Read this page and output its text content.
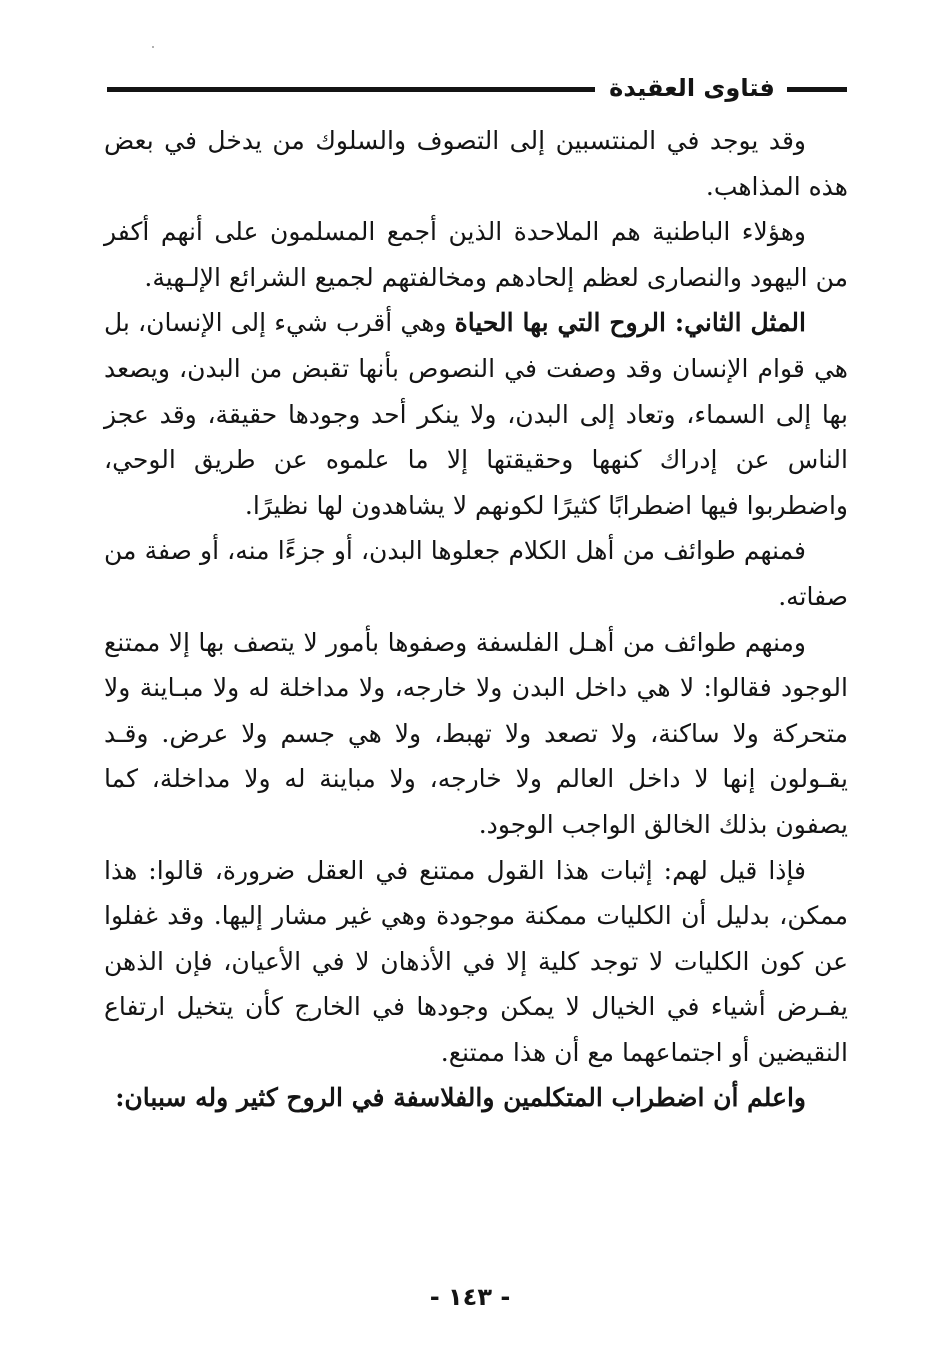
فتاوى العقيدة

وقد يوجد في المنتسبين إلى التصوف والسلوك من يدخل في بعض هذه المذاهب.

وهؤلاء الباطنية هم الملاحدة الذين أجمع المسلمون على أنهم أكفر من اليهود والنصارى لعظم إلحادهم ومخالفتهم لجميع الشرائع الإلـهية.

المثل الثاني: الروح التي بها الحياة وهي أقرب شيء إلى الإنسان، بل هي قوام الإنسان وقد وصفت في النصوص بأنها تقبض من البدن، ويصعد بها إلى السماء، وتعاد إلى البدن، ولا ينكر أحد وجودها حقيقة، وقد عجز الناس عن إدراك كنهها وحقيقتها إلا ما علموه عن طريق الوحي، واضطربوا فيها اضطرابًا كثيرًا لكونهم لا يشاهدون لها نظيرًا.

فمنهم طوائف من أهل الكلام جعلوها البدن، أو جزءًا منه، أو صفة من صفاته.

ومنهم طوائف من أهـل الفلسفة وصفوها بأمور لا يتصف بها إلا ممتنع الوجود فقالوا: لا هي داخل البدن ولا خارجه، ولا مداخلة له ولا مبـاينة ولا متحركة ولا ساكنة، ولا تصعد ولا تهبط، ولا هي جسم ولا عرض. وقـد يقـولون إنها لا داخل العالم ولا خارجه، ولا مباينة له ولا مداخلة، كما يصفون بذلك الخالق الواجب الوجود.

فإذا قيل لهم: إثبات هذا القول ممتنع في العقل ضرورة، قالوا: هذا ممكن، بدليل أن الكليات ممكنة موجودة وهي غير مشار إليها. وقد غفلوا عن كون الكليات لا توجد كلية إلا في الأذهان لا في الأعيان، فإن الذهن يفـرض أشياء في الخيال لا يمكن وجودها في الخارج كأن يتخيل ارتفاع النقيضين أو اجتماعهما مع أن هذا ممتنع.

واعلم أن اضطراب المتكلمين والفلاسفة في الروح كثير وله سببان:

- ١٤٣ -
